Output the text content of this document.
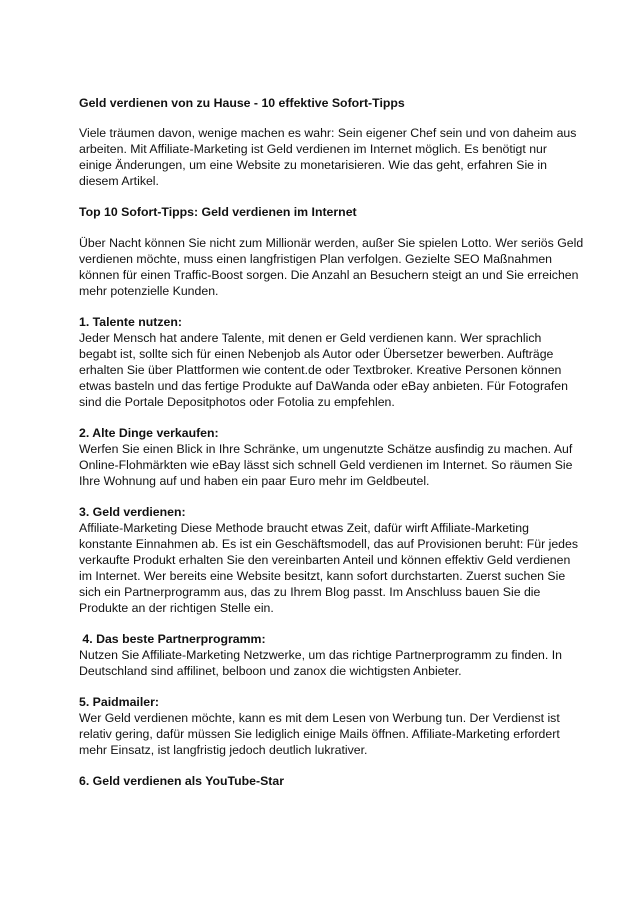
Geld verdienen von zu Hause - 10 effektive Sofort-Tipps

Viele träumen davon, wenige machen es wahr: Sein eigener Chef sein und von daheim aus
arbeiten. Mit Affiliate-Marketing ist Geld verdienen im Internet möglich. Es benötigt nur
einige Änderungen, um eine Website zu monetarisieren. Wie das geht, erfahren Sie in
diesem Artikel.

Top 10 Sofort-Tipps: Geld verdienen im Internet

Über Nacht können Sie nicht zum Millionär werden, außer Sie spielen Lotto. Wer seriös Geld
verdienen möchte, muss einen langfristigen Plan verfolgen. Gezielte SEO Maßnahmen
können für einen Traffic-Boost sorgen. Die Anzahl an Besuchern steigt an und Sie erreichen
mehr potenzielle Kunden.

1. Talente nutzen:
Jeder Mensch hat andere Talente, mit denen er Geld verdienen kann. Wer sprachlich
begabt ist, sollte sich für einen Nebenjob als Autor oder Übersetzer bewerben. Aufträge
erhalten Sie über Plattformen wie content.de oder Textbroker. Kreative Personen können
etwas basteln und das fertige Produkte auf DaWanda oder eBay anbieten. Für Fotografen
sind die Portale Depositphotos oder Fotolia zu empfehlen.
2. Alte Dinge verkaufen:
Werfen Sie einen Blick in Ihre Schränke, um ungenutzte Schätze ausfindig zu machen. Auf
Online-Flohmärkten wie eBay lässt sich schnell Geld verdienen im Internet. So räumen Sie
Ihre Wohnung auf und haben ein paar Euro mehr im Geldbeutel.
3. Geld verdienen:
Affiliate-Marketing Diese Methode braucht etwas Zeit, dafür wirft Affiliate-Marketing
konstante Einnahmen ab. Es ist ein Geschäftsmodell, das auf Provisionen beruht: Für jedes
verkaufte Produkt erhalten Sie den vereinbarten Anteil und können effektiv Geld verdienen
im Internet. Wer bereits eine Website besitzt, kann sofort durchstarten. Zuerst suchen Sie
sich ein Partnerprogramm aus, das zu Ihrem Blog passt. Im Anschluss bauen Sie die
Produkte an der richtigen Stelle ein.
4. Das beste Partnerprogramm:
Nutzen Sie Affiliate-Marketing Netzwerke, um das richtige Partnerprogramm zu finden. In
Deutschland sind affilinet, belboon und zanox die wichtigsten Anbieter.
5. Paidmailer:
Wer Geld verdienen möchte, kann es mit dem Lesen von Werbung tun. Der Verdienst ist
relativ gering, dafür müssen Sie lediglich einige Mails öffnen. Affiliate-Marketing erfordert
mehr Einsatz, ist langfristig jedoch deutlich lukrativer.
6. Geld verdienen als YouTube-Star
